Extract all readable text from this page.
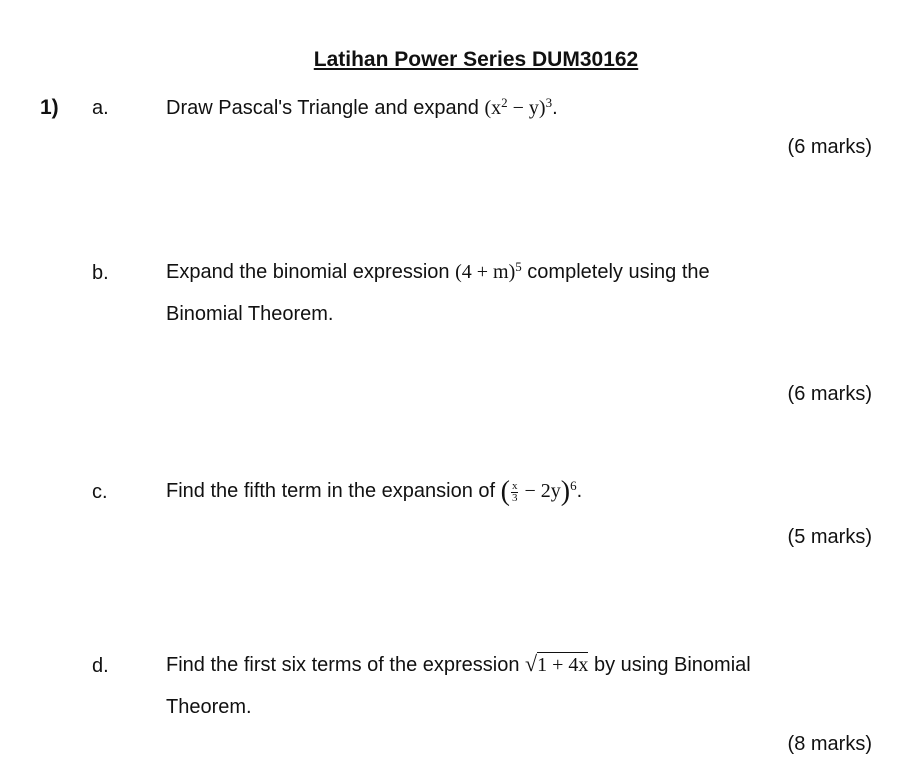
Latihan Power Series DUM30162
1) a.	Draw Pascal's Triangle and expand $(x^2 - y)^3$.
(6 marks)
b.	Expand the binomial expression $(4 + m)^5$ completely using the
Binomial Theorem.
(6 marks)
c.	Find the fifth term in the expansion of ( $\frac{x}{3} - 2y)^6$.
(5 marks)
d.	Find the first six terms of the expression √1 + 4x by using Binomial
Theorem.
(8 marks)
